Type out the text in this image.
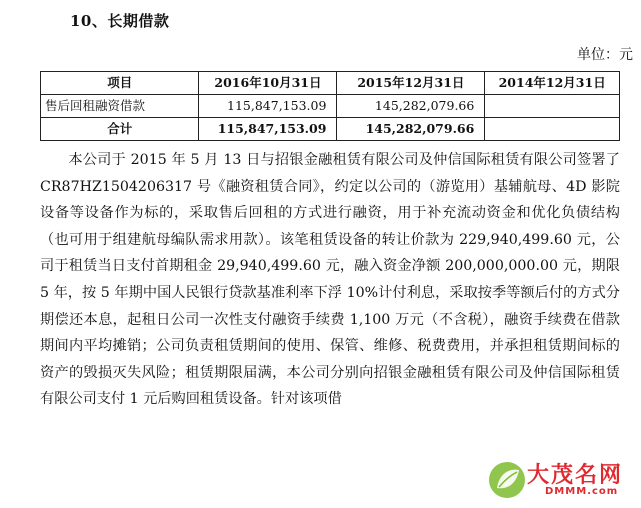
10、长期借款
单位：元
项目	2016年10月31日	2015年12月31日	2014年12月31日
售后回租融资借款	115,847,153.09	145,282,079.66	
合计	115,847,153.09	145,282,079.66	
本公司于 2015 年 5 月 13 日与招银金融租赁有限公司及仲信国际租赁有限公司签署了 CR87HZ1504206317 号《融资租赁合同》，约定以公司的（游览用）基辅航母、4D 影院设备等设备作为标的，采取售后回租的方式进行融资，用于补充流动资金和优化负债结构（也可用于组建航母编队需求用款）。该笔租赁设备的转让价款为 229,940,499.60 元，公司于租赁当日支付首期租金 29,940,499.60 元，融入资金净额 200,000,000.00 元，期限 5 年，按 5 年期中国人民银行贷款基准利率下浮 10%计付利息，采取按季等额后付的方式分期偿还本息，起租日公司一次性支付融资手续费 1,100 万元（不含税），融资手续费在借款期间内平均摊销；公司负责租赁期间的使用、保管、维修、税费费用，并承担租赁期间标的资产的毁损灭失风险；租赁期限届满，本公司分别向招银金融租赁有限公司及仲信国际租赁有限公司支付 1 元后购回租赁设备。针对该项借
大茂名网
DMMM.com
